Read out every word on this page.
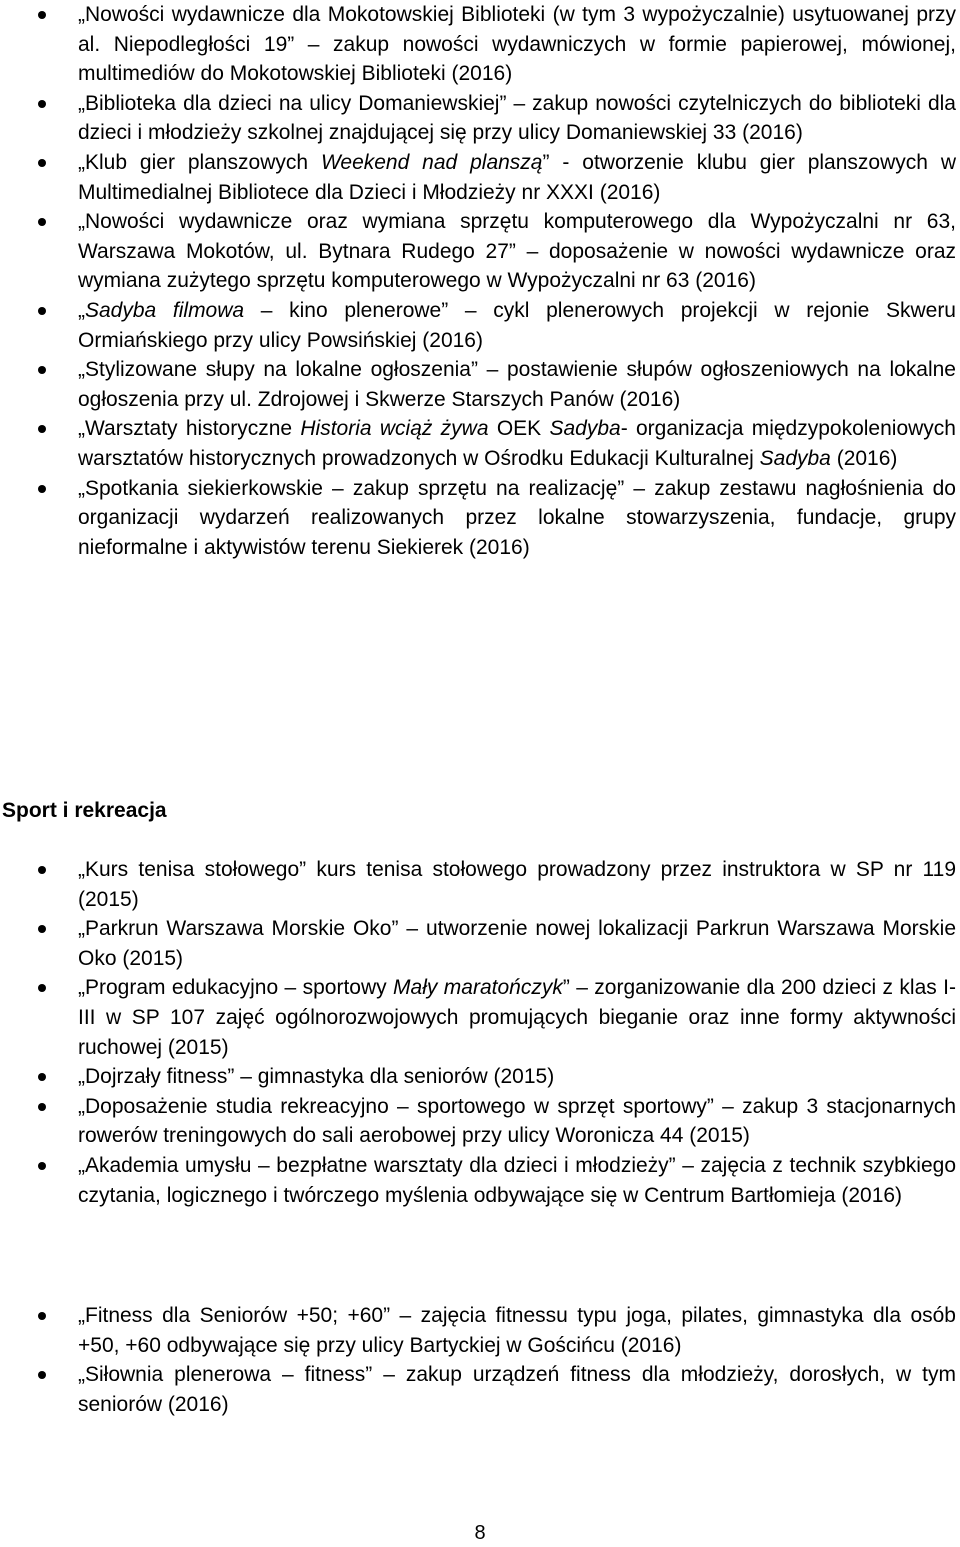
„Nowości wydawnicze dla Mokotowskiej Biblioteki (w tym 3 wypożyczalnie) usytuowanej przy al. Niepodległości 19” – zakup nowości wydawniczych w formie papierowej, mówionej, multimediów do Mokotowskiej Biblioteki (2016)
„Biblioteka dla dzieci na ulicy Domaniewskiej” – zakup nowości czytelniczych do biblioteki dla dzieci i młodzieży szkolnej znajdującej się przy ulicy Domaniewskiej 33 (2016)
„Klub gier planszowych Weekend nad planszą” - otworzenie klubu gier planszowych w Multimedialnej Bibliotece dla Dzieci i Młodzieży nr XXXI (2016)
„Nowości wydawnicze oraz wymiana sprzętu komputerowego dla Wypożyczalni nr 63, Warszawa Mokotów, ul. Bytnara Rudego 27” – doposażenie w nowości wydawnicze oraz wymiana zużytego sprzętu komputerowego w Wypożyczalni nr 63 (2016)
„Sadyba filmowa – kino plenerowe” – cykl plenerowych projekcji w rejonie Skweru Ormiańskiego przy ulicy Powsińskiej (2016)
„Stylizowane słupy na lokalne ogłoszenia” – postawienie słupów ogłoszeniowych na lokalne ogłoszenia przy ul. Zdrojowej i Skwerze Starszych Panów (2016)
„Warsztaty historyczne Historia wciąż żywa OEK Sadyba- organizacja międzypokoleniowych warsztatów historycznych prowadzonych w Ośrodku Edukacji Kulturalnej Sadyba (2016)
„Spotkania siekierkowskie – zakup sprzętu na realizację” – zakup zestawu nagłośnienia do organizacji wydarzeń realizowanych przez lokalne stowarzyszenia, fundacje, grupy nieformalne i aktywistów terenu Siekierek (2016)
Sport i rekreacja
„Kurs tenisa stołowego” kurs tenisa stołowego prowadzony przez instruktora w SP nr 119 (2015)
„Parkrun Warszawa Morskie Oko” – utworzenie nowej lokalizacji Parkrun Warszawa Morskie Oko (2015)
„Program edukacyjno – sportowy Mały maratończyk” – zorganizowanie dla 200 dzieci z klas I-III w SP 107 zajęć ogólnorozwojowych promujących bieganie oraz inne formy aktywności ruchowej (2015)
„Dojrzały fitness” – gimnastyka dla seniorów (2015)
„Doposażenie studia rekreacyjno – sportowego w sprzęt sportowy” – zakup 3 stacjonarnych rowerów treningowych do sali aerobowej przy ulicy Woronicza 44 (2015)
„Akademia umysłu – bezpłatne warsztaty dla dzieci i młodzieży” – zajęcia z technik szybkiego czytania, logicznego i twórczego myślenia odbywające się w Centrum Bartłomieja (2016)
„Fitness dla Seniorów +50; +60” – zajęcia fitnessu typu joga, pilates, gimnastyka dla osób +50, +60 odbywające się przy ulicy Bartyckiej w Gościńcu (2016)
„Siłownia plenerowa – fitness” – zakup urządzeń fitness dla młodzieży, dorosłych, w tym seniorów (2016)
8
